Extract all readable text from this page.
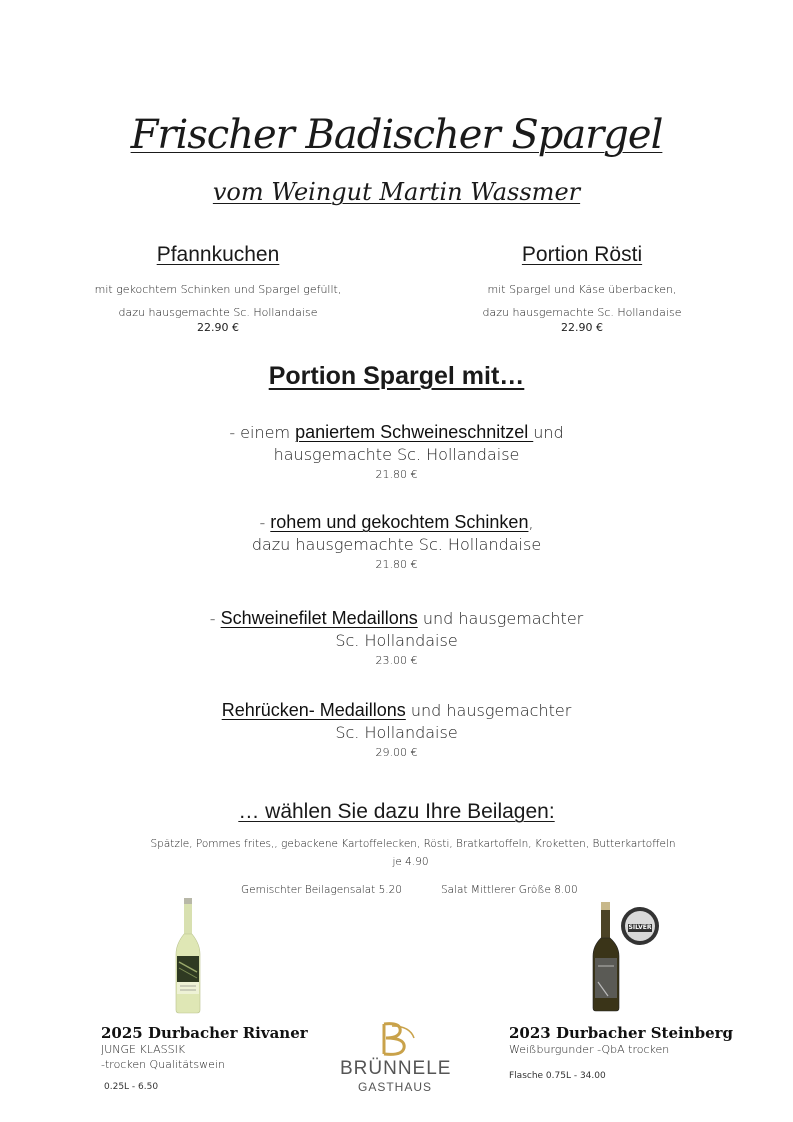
Frischer Badischer Spargel
vom Weingut Martin Wassmer
Pfannkuchen
mit gekochtem Schinken und Spargel gefüllt,
dazu hausgemachte Sc. Hollandaise
22.90 €
Portion Rösti
mit Spargel und Käse überbacken,
dazu hausgemachte Sc. Hollandaise
22.90 €
Portion Spargel mit…
- einem paniertem Schweineschnitzel und
hausgemachte Sc. Hollandaise
21.80 €
- rohem und gekochtem Schinken,
dazu hausgemachte Sc. Hollandaise
21.80 €
- Schweinefilet Medaillons und hausgemachter
Sc. Hollandaise
23.00 €
Rehrücken- Medaillons und hausgemachter
Sc. Hollandaise
29.00 €
… wählen Sie dazu Ihre Beilagen:
Spätzle, Pommes frites,, gebackene Kartoffelecken, Rösti, Bratkartoffeln, Kroketten, Butterkartoffeln
je 4.90
Gemischter Beilagensalat 5.20	Salat Mittlerer Größe 8.00
SILVER
2025 Durbacher Rivaner
JUNGE KLASSIK
-trocken Qualitätswein
0.25L - 6.50
2023 Durbacher Steinberg
Weißburgunder -QbA trocken
Flasche 0.75L - 34.00
BRÜNNELE
GASTHAUS
